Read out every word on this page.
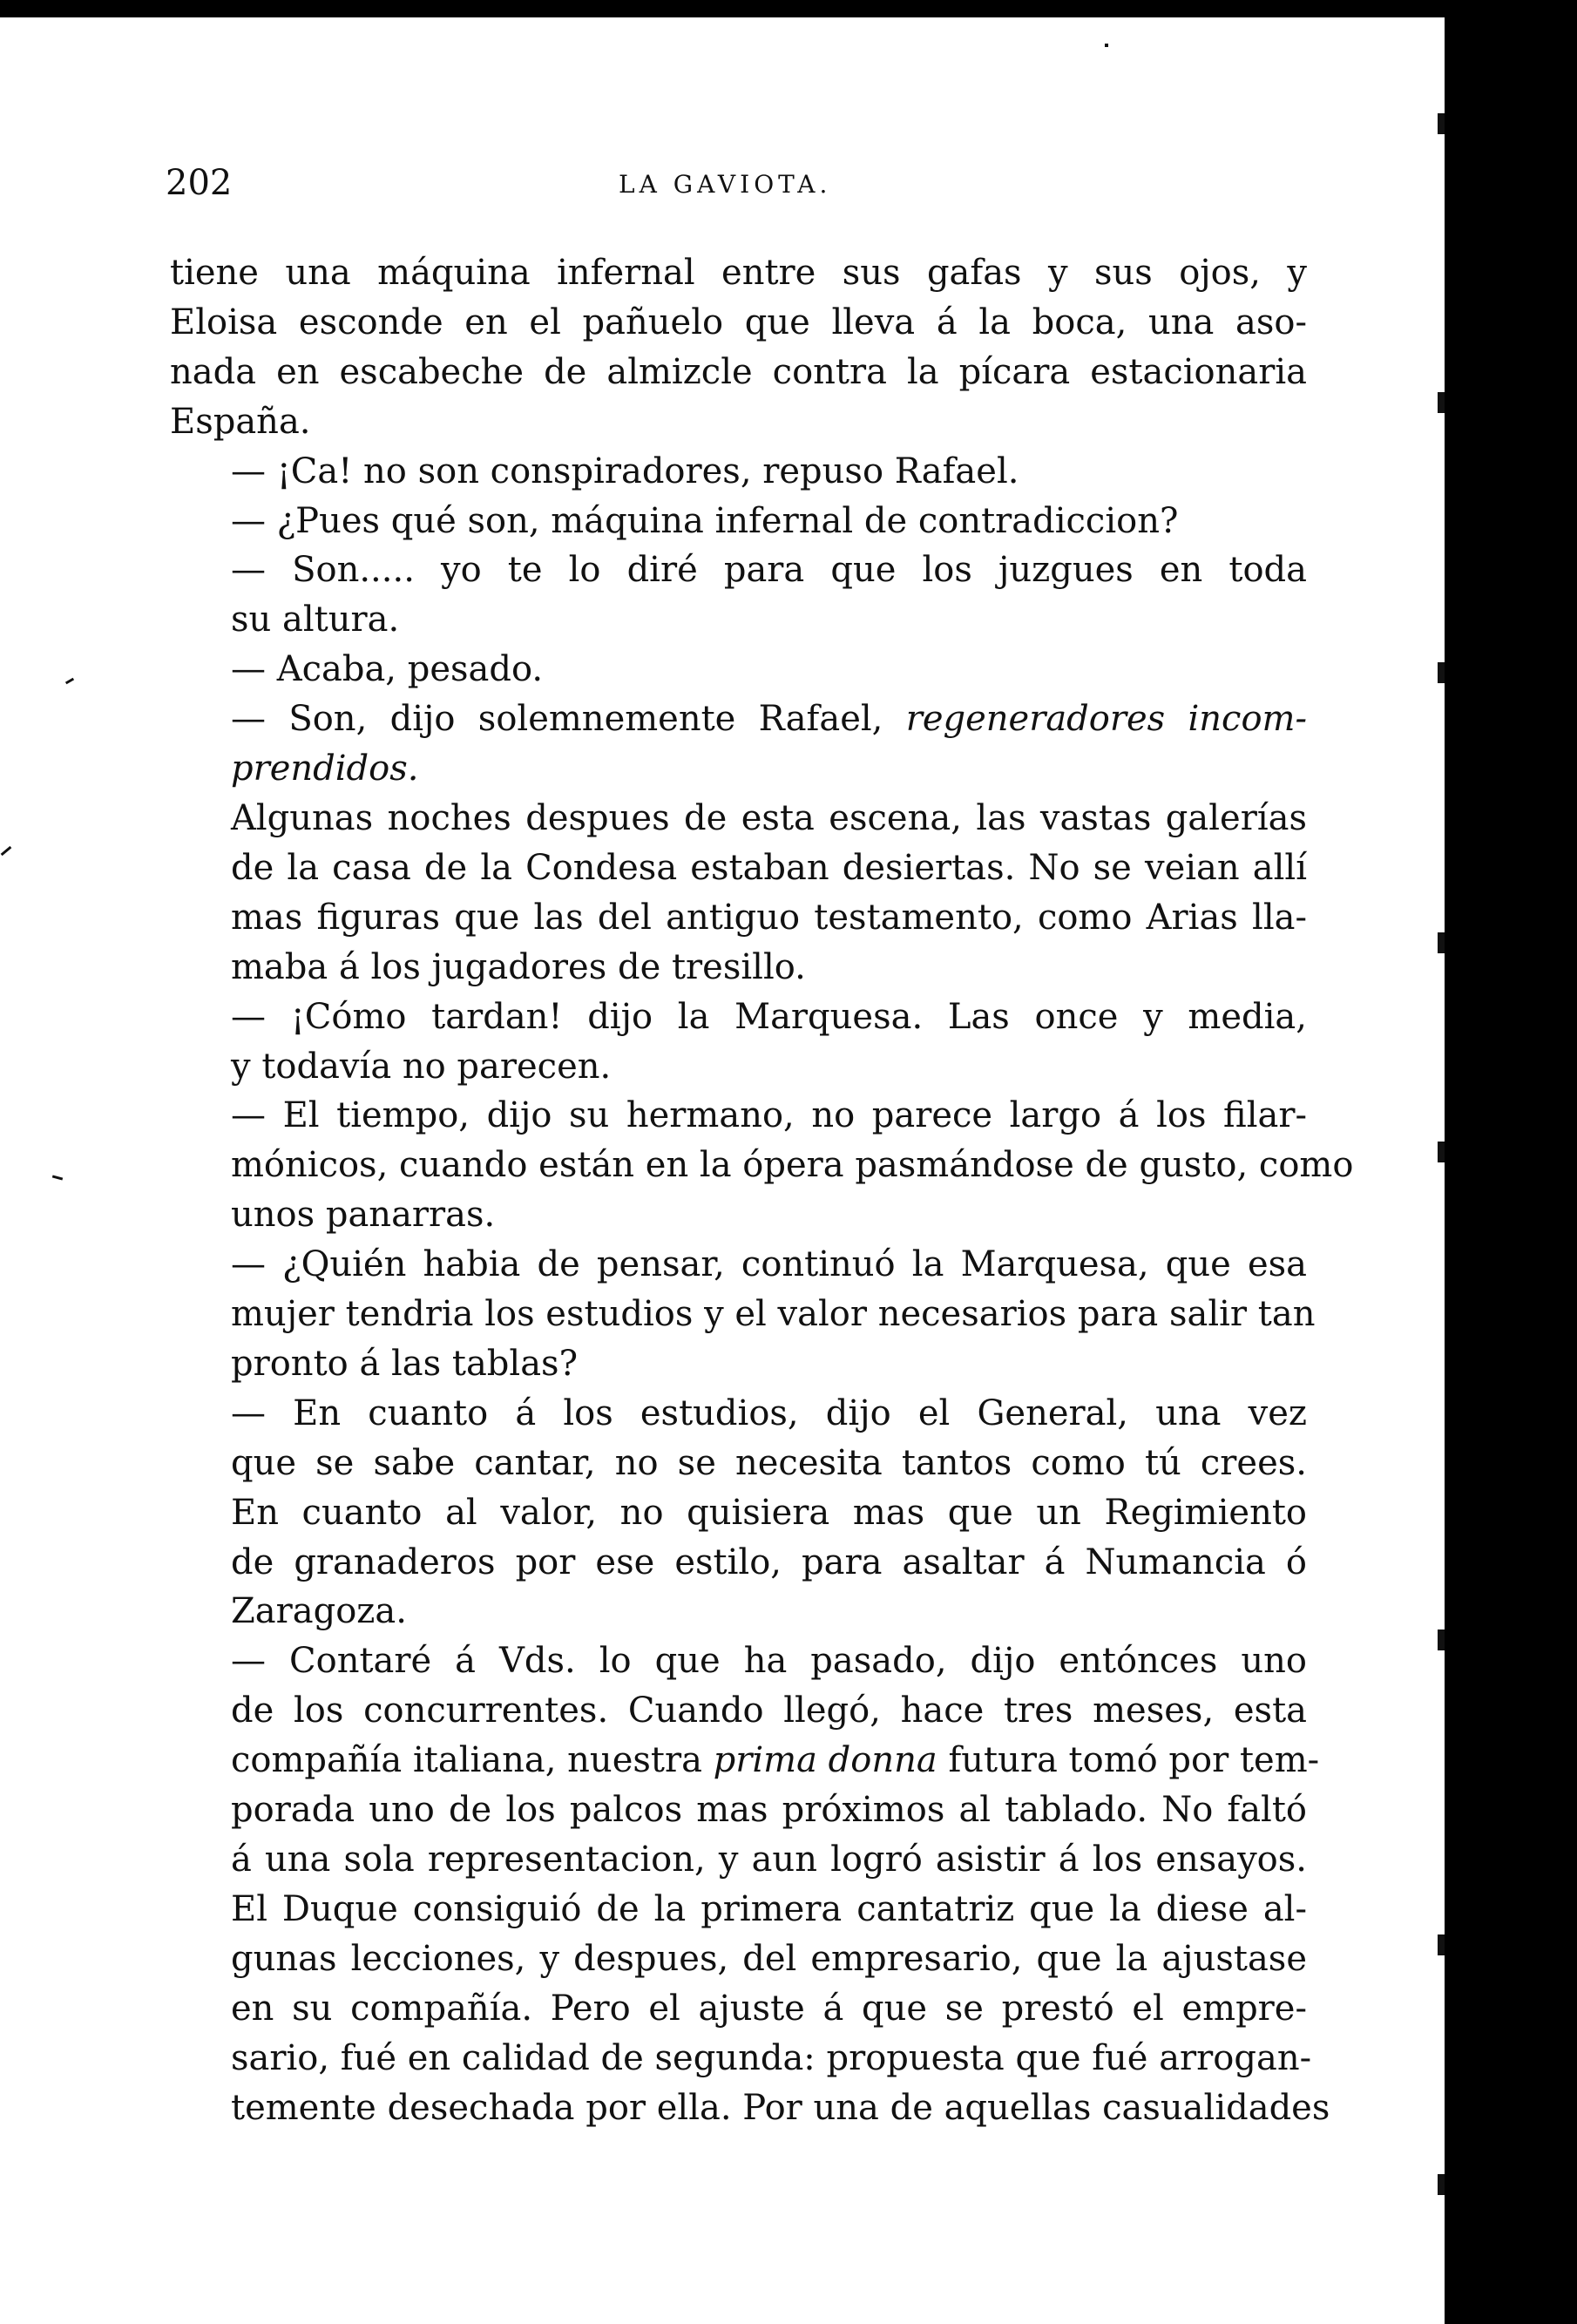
202	LA GAVIOTA.

tiene una máquina infernal entre sus gafas y sus ojos, y
Eloisa esconde en el pañuelo que lleva á la boca, una aso-
nada en escabeche de almizcle contra la pícara estacionaria
España.

— ¡Ca! no son conspiradores, repuso Rafael.

— ¿Pues qué son, máquina infernal de contradiccion?

— Son..... yo te lo diré para que los juzgues en toda
su altura.

— Acaba, pesado.

— Son, dijo solemnemente Rafael, regeneradores incom-
prendidos.

Algunas noches despues de esta escena, las vastas galerías
de la casa de la Condesa estaban desiertas. No se veian allí
mas figuras que las del antiguo testamento, como Arias lla-
maba á los jugadores de tresillo.

— ¡Cómo tardan! dijo la Marquesa. Las once y media,
y todavía no parecen.

— El tiempo, dijo su hermano, no parece largo á los filar-
mónicos, cuando están en la ópera pasmándose de gusto, como
unos panarras.

— ¿Quién habia de pensar, continuó la Marquesa, que esa
mujer tendria los estudios y el valor necesarios para salir tan
pronto á las tablas?

— En cuanto á los estudios, dijo el General, una vez
que se sabe cantar, no se necesita tantos como tú crees.
En cuanto al valor, no quisiera mas que un Regimiento
de granaderos por ese estilo, para asaltar á Numancia ó
Zaragoza.

— Contaré á Vds. lo que ha pasado, dijo entónces uno
de los concurrentes. Cuando llegó, hace tres meses, esta
compañía italiana, nuestra prima donna futura tomó por tem-
porada uno de los palcos mas próximos al tablado. No faltó
á una sola representacion, y aun logró asistir á los ensayos.
El Duque consiguió de la primera cantatriz que la diese al-
gunas lecciones, y despues, del empresario, que la ajustase
en su compañía. Pero el ajuste á que se prestó el empre-
sario, fué en calidad de segunda: propuesta que fué arrogan-
temente desechada por ella. Por una de aquellas casualidades
